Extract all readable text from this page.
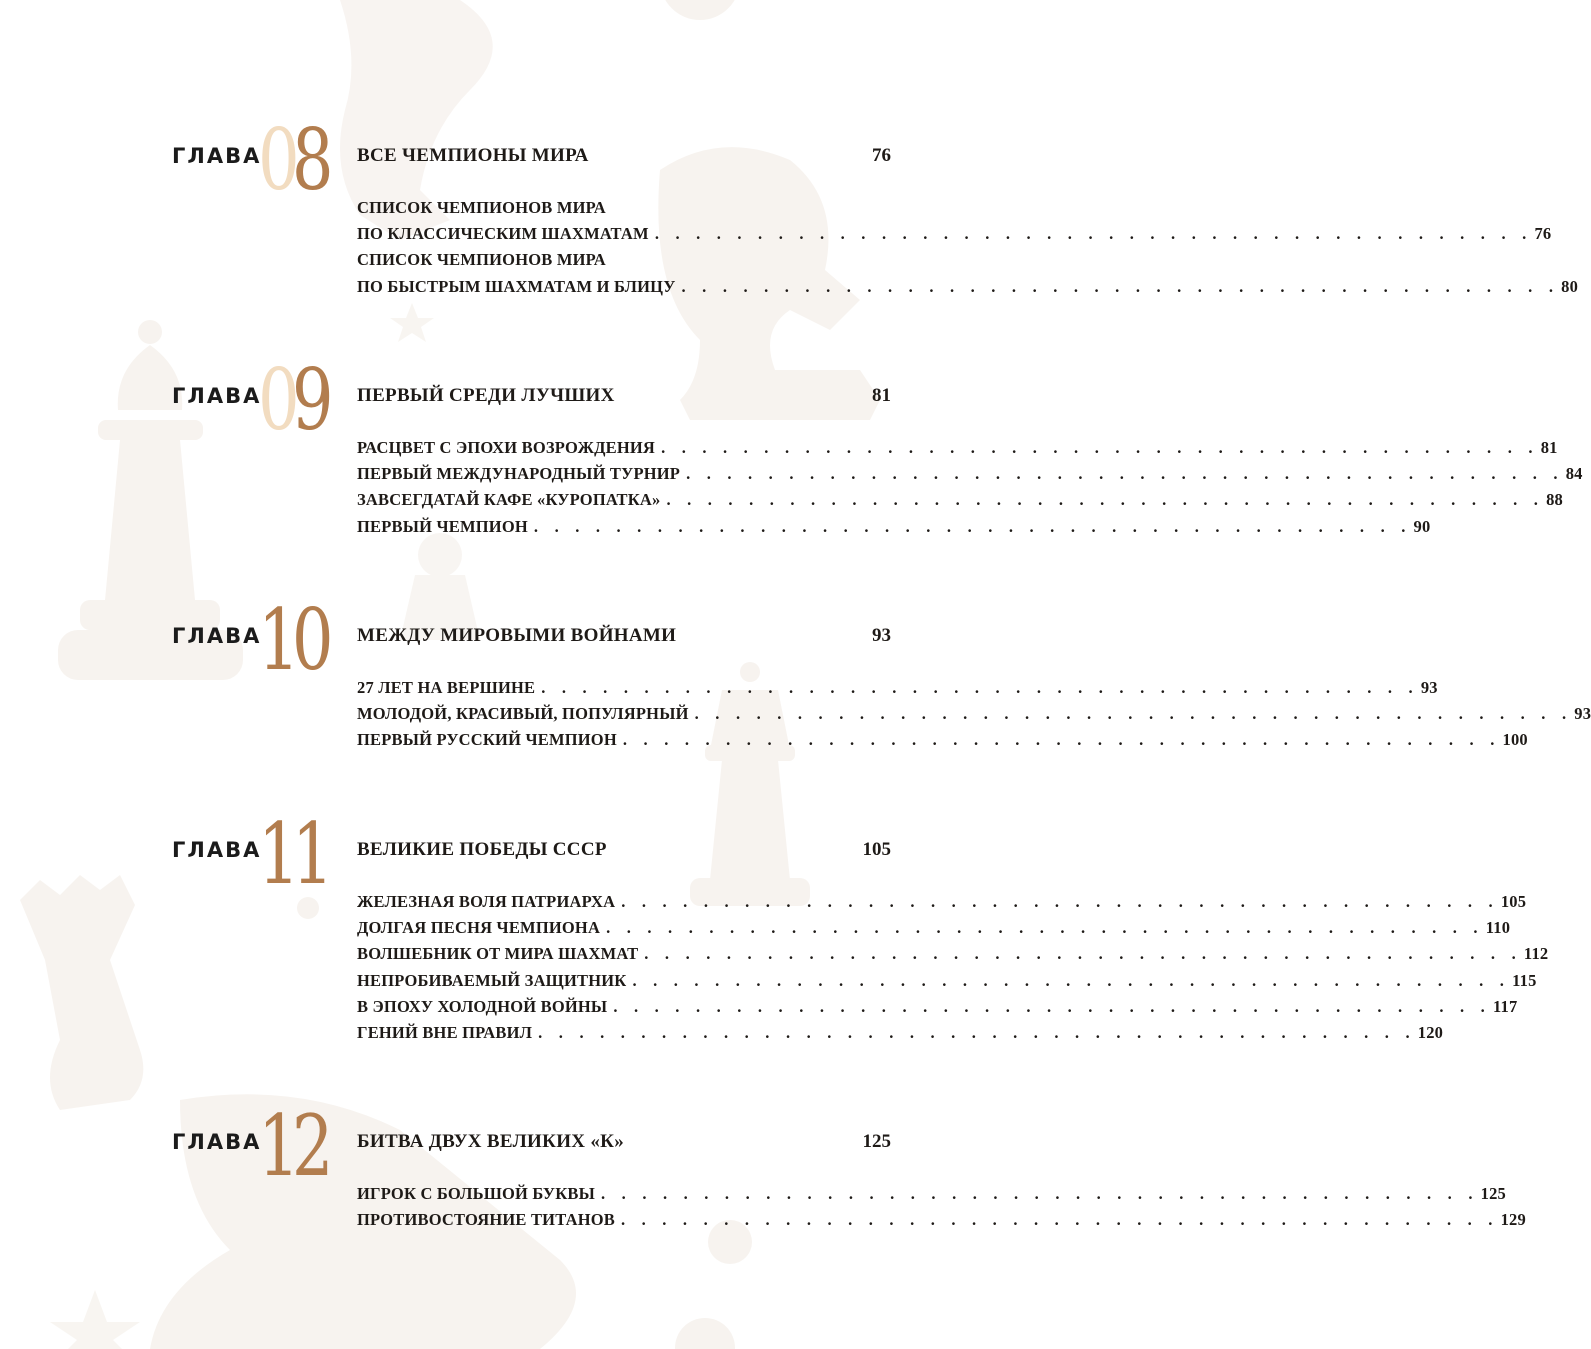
ГЛАВА
08 ВСЕ ЧЕМПИОНЫ МИРА	76
СПИСОК ЧЕМПИОНОВ МИРА
ПО КЛАССИЧЕСКИМ ШАХМАТАМ . . . . . . . . . . . . . . . . . . . . . . . . . . . . . . . . . . . . . . . . . . . 76
СПИСОК ЧЕМПИОНОВ МИРА
ПО БЫСТРЫМ ШАХМАТАМ И БЛИЦУ . . . . . . . . . . . . . . . . . . . . . . . . . . . . . . . . . . . . . . . . . . . 80
ГЛАВА
09 ПЕРВЫЙ СРЕДИ ЛУЧШИХ	81
РАСЦВЕТ С ЭПОХИ ВОЗРОЖДЕНИЯ . . . . . . . . . . . . . . . . . . . . . . . . . . . . . . . . . . . . . . . . . . . 81
ПЕРВЫЙ МЕЖДУНАРОДНЫЙ ТУРНИР . . . . . . . . . . . . . . . . . . . . . . . . . . . . . . . . . . . . . . . . . . . 84
ЗАВСЕГДАТАЙ КАФЕ «КУРОПАТКА» . . . . . . . . . . . . . . . . . . . . . . . . . . . . . . . . . . . . . . . . . . . 88
ПЕРВЫЙ ЧЕМПИОН . . . . . . . . . . . . . . . . . . . . . . . . . . . . . . . . . . . . . . . . . . . 90
ГЛАВА
10 МЕЖДУ МИРОВЫМИ ВОЙНАМИ	93
27 ЛЕТ НА ВЕРШИНЕ . . . . . . . . . . . . . . . . . . . . . . . . . . . . . . . . . . . . . . . . . . . 93
МОЛОДОЙ, КРАСИВЫЙ, ПОПУЛЯРНЫЙ . . . . . . . . . . . . . . . . . . . . . . . . . . . . . . . . . . . . . . . . . . . 93
ПЕРВЫЙ РУССКИЙ ЧЕМПИОН . . . . . . . . . . . . . . . . . . . . . . . . . . . . . . . . . . . . . . . . . . . 100
ГЛАВА
11 ВЕЛИКИЕ ПОБЕДЫ СССР	105
ЖЕЛЕЗНАЯ ВОЛЯ ПАТРИАРХА . . . . . . . . . . . . . . . . . . . . . . . . . . . . . . . . . . . . . . . . . . . 105
ДОЛГАЯ ПЕСНЯ ЧЕМПИОНА . . . . . . . . . . . . . . . . . . . . . . . . . . . . . . . . . . . . . . . . . . . 110
ВОЛШЕБНИК ОТ МИРА ШАХМАТ . . . . . . . . . . . . . . . . . . . . . . . . . . . . . . . . . . . . . . . . . . . 112
НЕПРОБИВАЕМЫЙ ЗАЩИТНИК . . . . . . . . . . . . . . . . . . . . . . . . . . . . . . . . . . . . . . . . . . . 115
В ЭПОХУ ХОЛОДНОЙ ВОЙНЫ . . . . . . . . . . . . . . . . . . . . . . . . . . . . . . . . . . . . . . . . . . . 117
ГЕНИЙ ВНЕ ПРАВИЛ . . . . . . . . . . . . . . . . . . . . . . . . . . . . . . . . . . . . . . . . . . . 120
ГЛАВА
12 БИТВА ДВУХ ВЕЛИКИХ «К»	125
ИГРОК С БОЛЬШОЙ БУКВЫ . . . . . . . . . . . . . . . . . . . . . . . . . . . . . . . . . . . . . . . . . . . 125
ПРОТИВОСТОЯНИЕ ТИТАНОВ . . . . . . . . . . . . . . . . . . . . . . . . . . . . . . . . . . . . . . . . . . . 129
